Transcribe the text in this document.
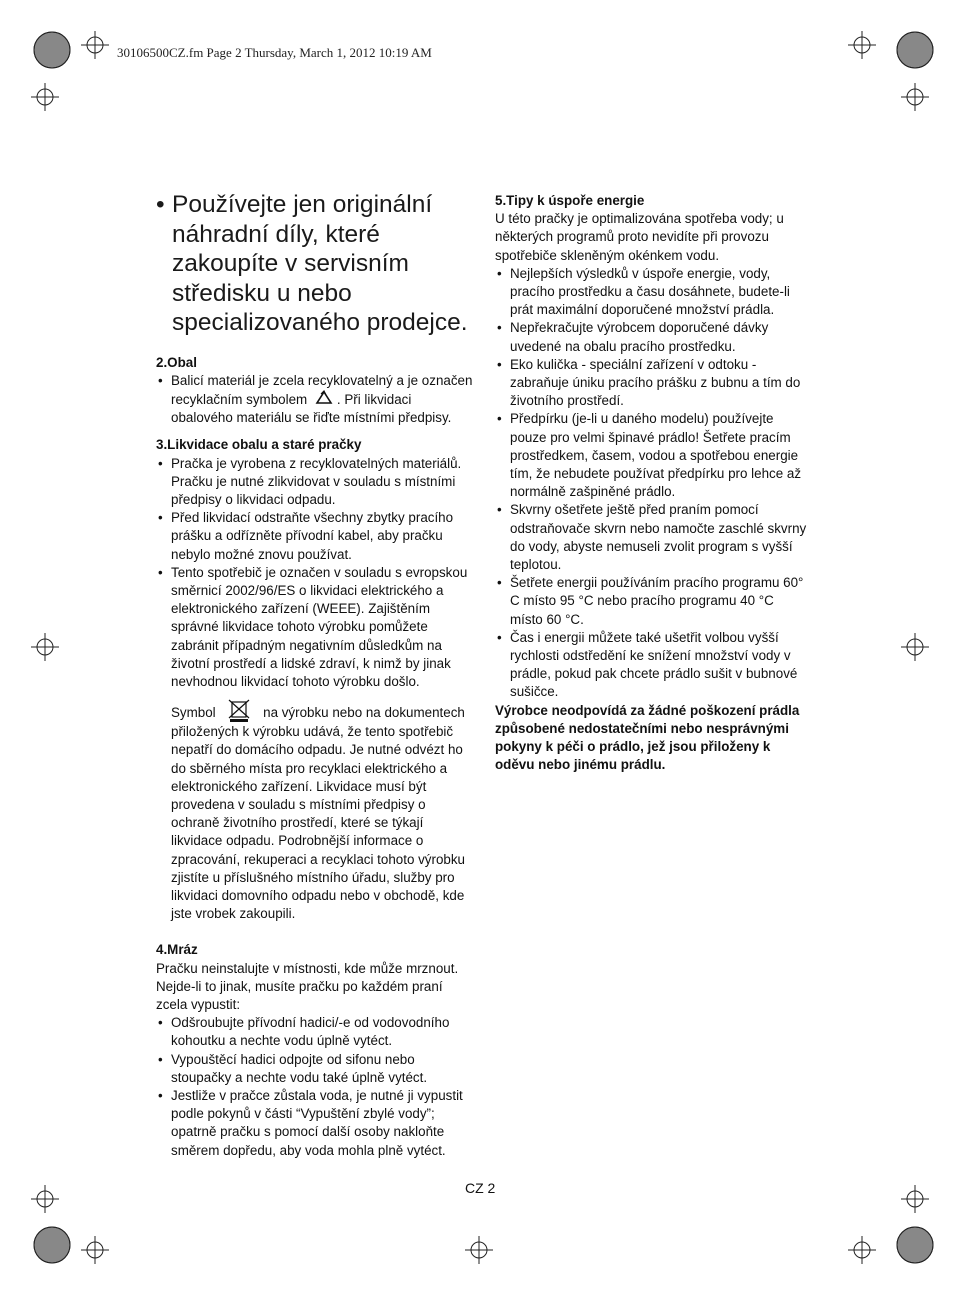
30106500CZ.fm Page 2 Thursday, March 1, 2012 10:19 AM
• Používejte jen originální náhradní díly, které zakoupíte v servisním středisku u nebo specializovaného prodejce.

2.Obal

• Balicí materiál je zcela recyklovatelný a je označen recyklačním symbolem . Při likvidaci obalového materiálu se řiďte místními předpisy.

3.Likvidace obalu a staré pračky

• Pračka je vyrobena z recyklovatelných materiálů. Pračku je nutné zlikvidovat v souladu s místními předpisy o likvidaci odpadu.
• Před likvidací odstraňte všechny zbytky pracího prášku a odřízněte přívodní kabel, aby pračku nebylo možné znovu používat.
• Tento spotřebič je označen v souladu s evropskou směrnicí 2002/96/ES o likvidaci elektrického a elektronického zařízení (WEEE). Zajištěním správné likvidace tohoto výrobku pomůžete zabránit případným negativním důsledkům na životní prostředí a lidské zdraví, k nimž by jinak nevhodnou likvidací tohoto výrobku došlo.

Symbol	na výrobku nebo na dokumentech přiložených k výrobku udává, že tento spotřebič nepatří do domácího odpadu. Je nutné odvézt ho do sběrného místa pro recyklaci elektrického a elektronického zařízení. Likvidace musí být provedena v souladu s místními předpisy o ochraně životního prostředí, které se týkají likvidace odpadu. Podrobnější informace o zpracování, rekuperaci a recyklaci tohoto výrobku zjistíte u příslušného místního úřadu, služby pro likvidaci domovního odpadu nebo v obchodě, kde jste vrobek zakoupili.

4.Mráz

Pračku neinstalujte v místnosti, kde může mrznout. Nejde-li to jinak, musíte pračku po každém praní zcela vypustit:

• Odšroubujte přívodní hadici/-e od vodovodního kohoutku a nechte vodu úplně vytéct.
• Vypouštěcí hadici odpojte od sifonu nebo stoupačky a nechte vodu také úplně vytéct.
• Jestliže v pračce zůstala voda, je nutné ji vypustit podle pokynů v části “Vypuštění zbylé vody”; opatrně pračku s pomocí další osoby nakloňte směrem dopředu, aby voda mohla plně vytéct.

5.Tipy k úspoře energie

U této pračky je optimalizována spotřeba vody; u některých programů proto nevidíte při provozu spotřebiče skleněným okénkem vodu.

• Nejlepších výsledků v úspoře energie, vody, pracího prostředku a času dosáhnete, budete-li prát maximální doporučené množství prádla.
• Nepřekračujte výrobcem doporučené dávky uvedené na obalu pracího prostředku.
• Eko kulička - speciální zařízení v odtoku - zabraňuje úniku pracího prášku z bubnu a tím do životního prostředí.
• Předpírku (je-li u daného modelu) používejte pouze pro velmi špinavé prádlo! Šetřete pracím prostředkem, časem, vodou a spotřebou energie tím, že nebudete používat předpírku pro lehce až normálně zašpiněné prádlo.
• Skvrny ošetřete ještě před praním pomocí odstraňovače skvrn nebo namočte zaschlé skvrny do vody, abyste nemuseli zvolit program s vyšší teplotou.
• Šetřete energii používáním pracího programu 60° C místo 95 °C nebo pracího programu 40 °C místo 60 °C.
• Čas i energii můžete také ušetřit volbou vyšší rychlosti odstředění ke snížení množství vody v prádle, pokud pak chcete prádlo sušit v bubnové sušičce.

Výrobce neodpovídá za žádné poškození prádla způsobené nedostatečními nebo nesprávnými pokyny k péči o prádlo, jež jsou přiloženy k oděvu nebo jinému prádlu.

CZ 2
